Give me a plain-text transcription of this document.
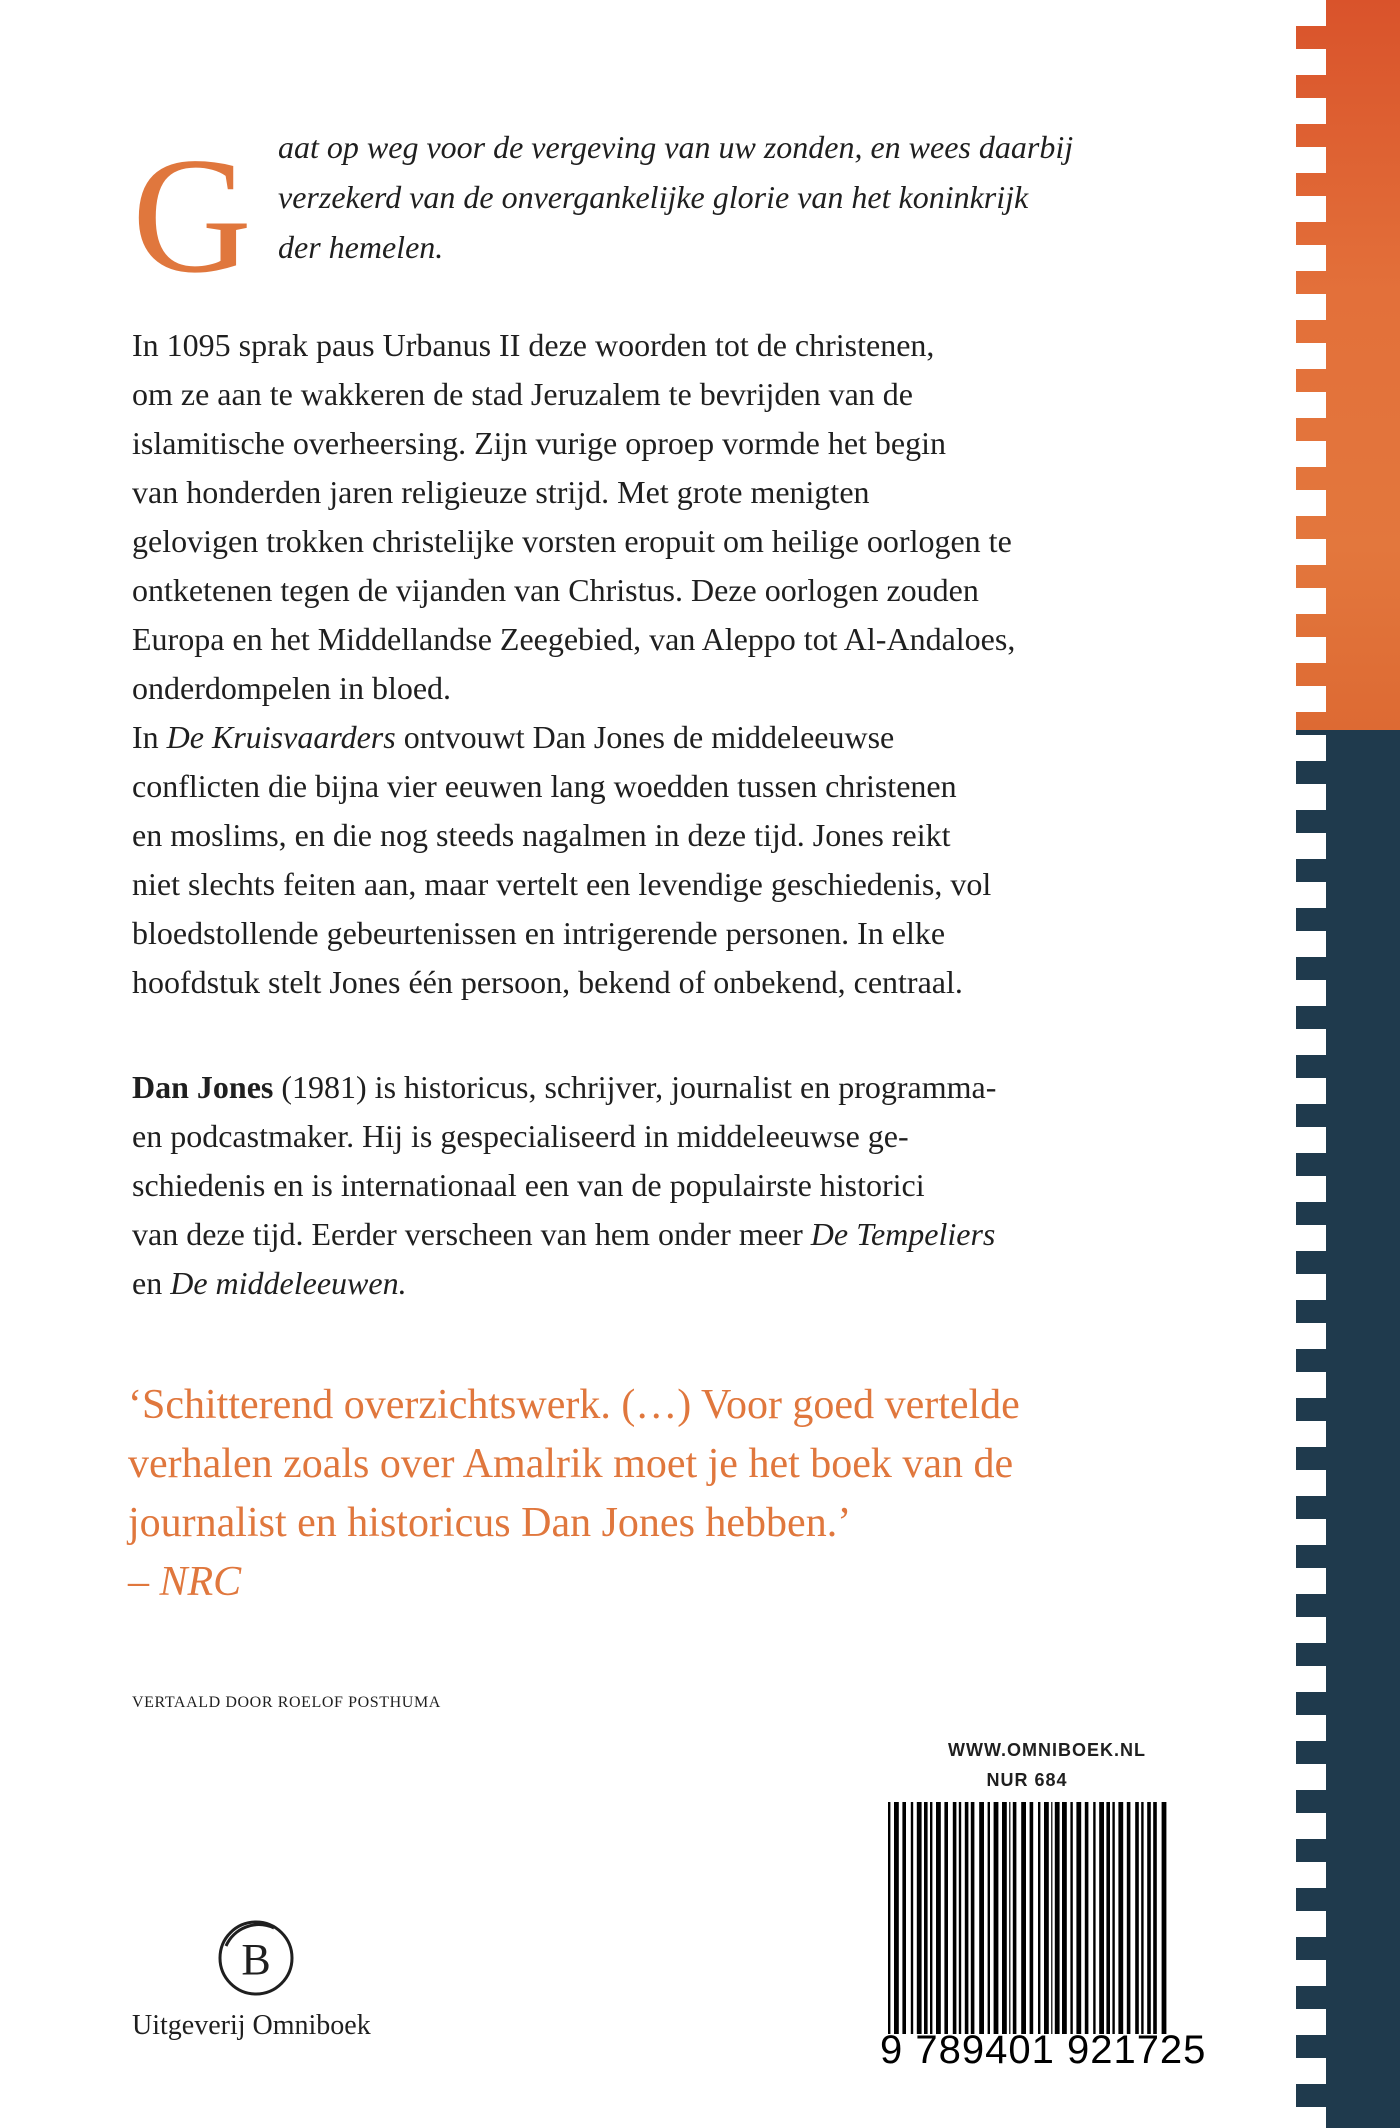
G aat op weg voor de vergeving van uw zonden, en wees daarbij
verzekerd van de onvergankelijke glorie van het koninkrijk
der hemelen.
In 1095 sprak paus Urbanus II deze woorden tot de christenen,
om ze aan te wakkeren de stad Jeruzalem te bevrijden van de
islamitische overheersing. Zijn vurige oproep vormde het begin
van honderden jaren religieuze strijd. Met grote menigten
gelovigen trokken christelijke vorsten eropuit om heilige oorlogen te
ontketenen tegen de vijanden van Christus. Deze oorlogen zouden
Europa en het Middellandse Zeegebied, van Aleppo tot Al-Andaloes,
onderdompelen in bloed.
In De Kruisvaarders ontvouwt Dan Jones de middeleeuwse
conflicten die bijna vier eeuwen lang woedden tussen christenen
en moslims, en die nog steeds nagalmen in deze tijd. Jones reikt
niet slechts feiten aan, maar vertelt een levendige geschiedenis, vol
bloedstollende gebeurtenissen en intrigerende personen. In elke
hoofdstuk stelt Jones één persoon, bekend of onbekend, centraal.
Dan Jones (1981) is historicus, schrijver, journalist en programma-
en podcastmaker. Hij is gespecialiseerd in middeleeuwse ge-
schiedenis en is internationaal een van de populairste historici
van deze tijd. Eerder verscheen van hem onder meer De Tempeliers
en De middeleeuwen.
‘Schitterend overzichtswerk. (…) Voor goed vertelde
verhalen zoals over Amalrik moet je het boek van de
journalist en historicus Dan Jones hebben.’
– NRC
VERTAALD DOOR ROELOF POSTHUMA
B
Uitgeverij Omniboek
WWW.OMNIBOEK.NL
NUR 684
9 789401 921725
